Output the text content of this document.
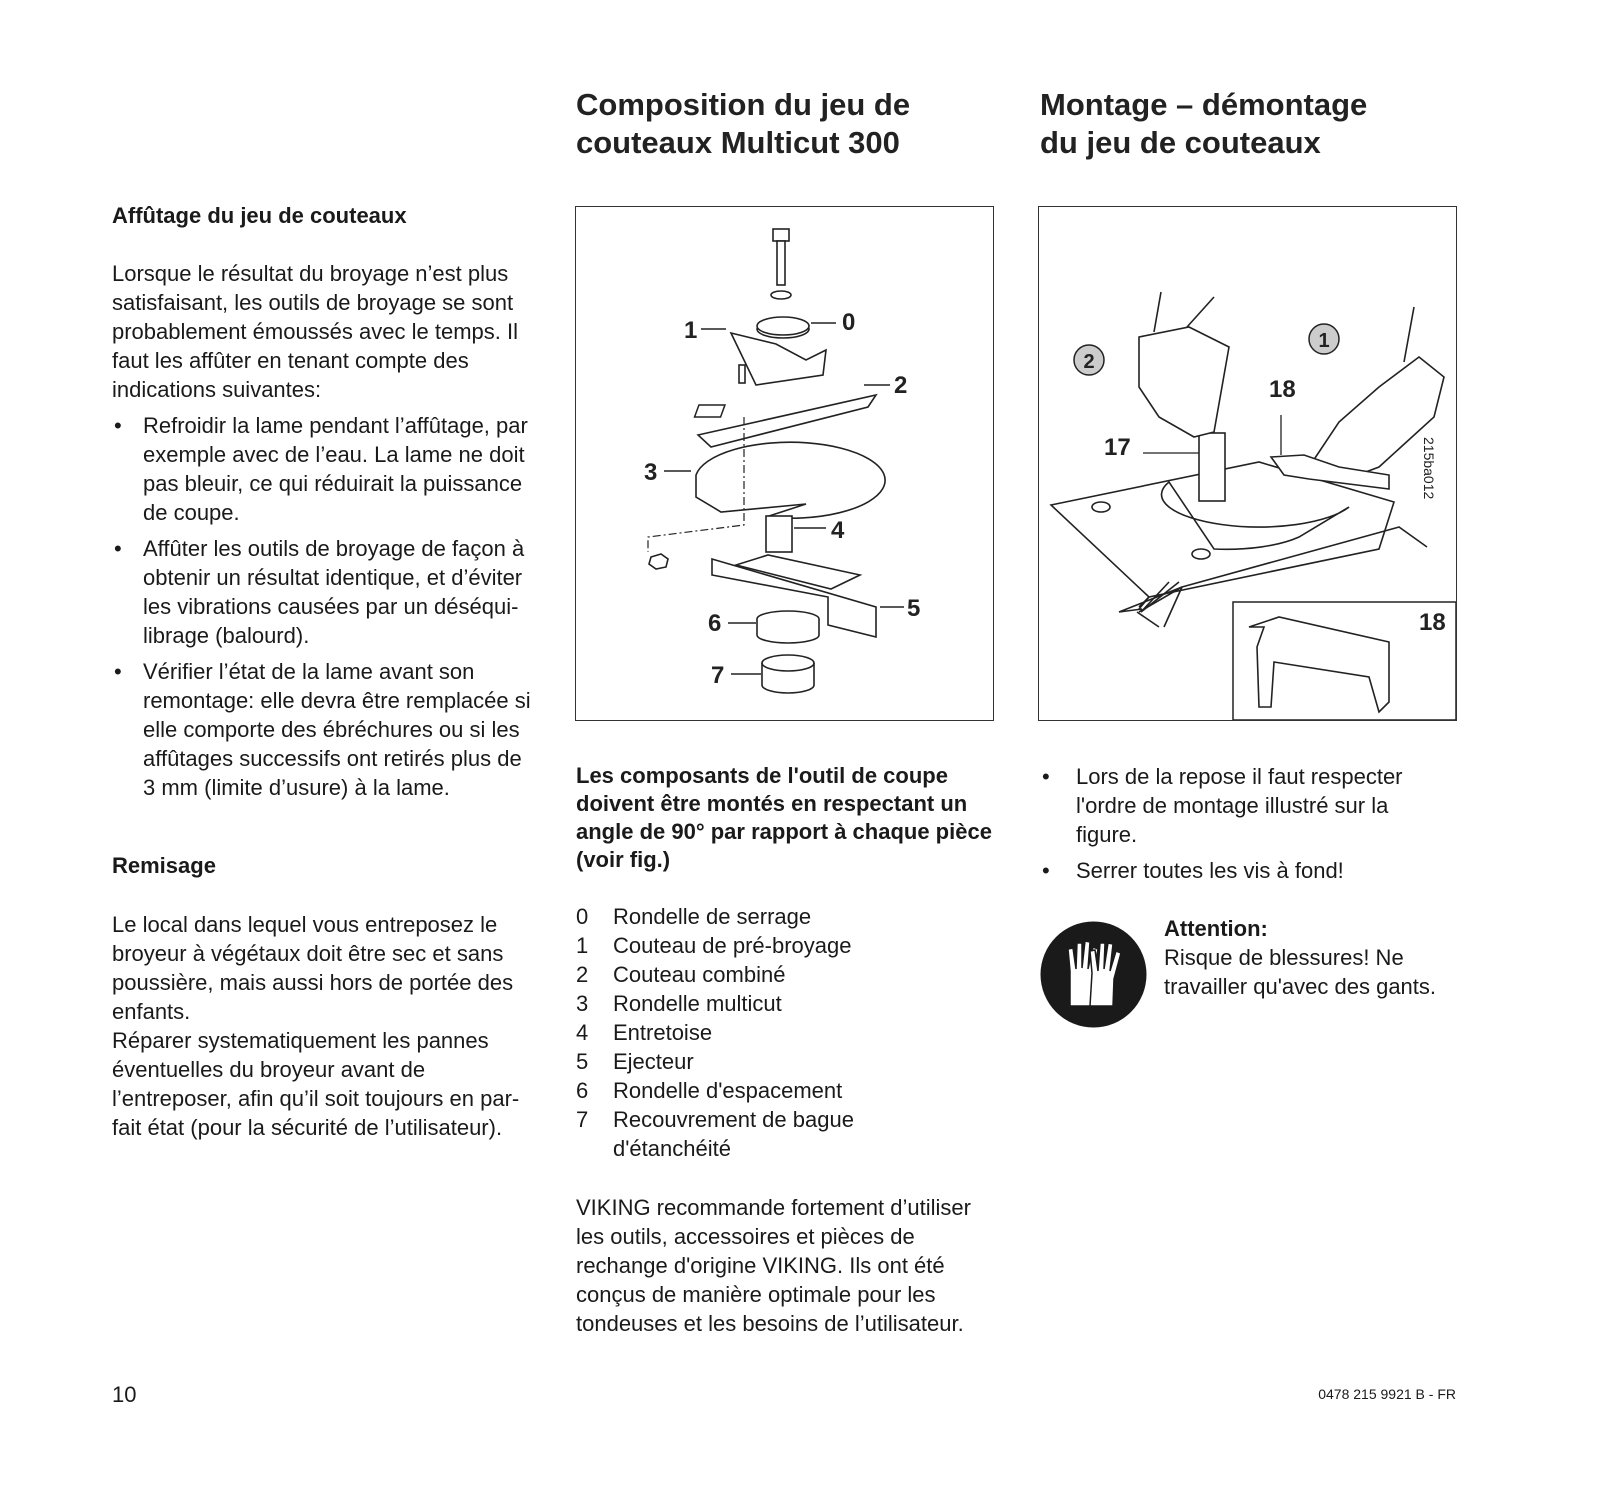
Affûtage du jeu de couteaux

Lorsque le résultat du broyage n’est plus satisfaisant, les outils de broyage se sont probablement émoussés avec le temps. Il faut les affûter en tenant compte des indications suivantes:

• Refroidir la lame pendant l’affûtage, par exemple avec de l’eau. La lame ne doit pas bleuir, ce qui réduirait la puissance de coupe.
• Affûter les outils de broyage de façon à obtenir un résultat identique, et d’éviter les vibrations causées par un déséquilibrage (balourd).
• Vérifier l’état de la lame avant son remontage: elle devra être remplacée si elle comporte des ébréchures ou si les affûtages successifs ont retirés plus de 3 mm (limite d’usure) à la lame.
Remisage

Le local dans lequel vous entreposez le broyeur à végétaux doit être sec et sans poussière, mais aussi hors de portée des enfants.

Réparer systematiquement les pannes éventuelles du broyeur avant de l’entreposer, afin qu’il soit toujours en parfait état (pour la sécurité de l’utilisateur).

Composition du jeu de
couteaux Multicut 300
0
1
2
3
4
5
6
7
Les composants de l'outil de coupe doivent être montés en respectant un angle de 90° par rapport à chaque pièce (voir fig.)
0	Rondelle de serrage
1	Couteau de pré-broyage
2	Couteau combiné
3	Rondelle multicut
4	Entretoise
5	Ejecteur
6	Rondelle d'espacement
7	Recouvrement de bague d'étanchéité

VIKING recommande fortement d’utiliser les outils, accessoires et pièces de rechange d'origine VIKING. Ils ont été conçus de manière optimale pour les tondeuses et les besoins de l’utilisateur.

Montage – démontage
du jeu de couteaux
2
1
17
18
215ba012
18
• Lors de la repose il faut respecter l'ordre de montage illustré sur la figure.
• Serrer toutes les vis à fond!
Attention:

Risque de blessures! Ne travailler qu'avec des gants.

10	0478 215 9921 B - FR
